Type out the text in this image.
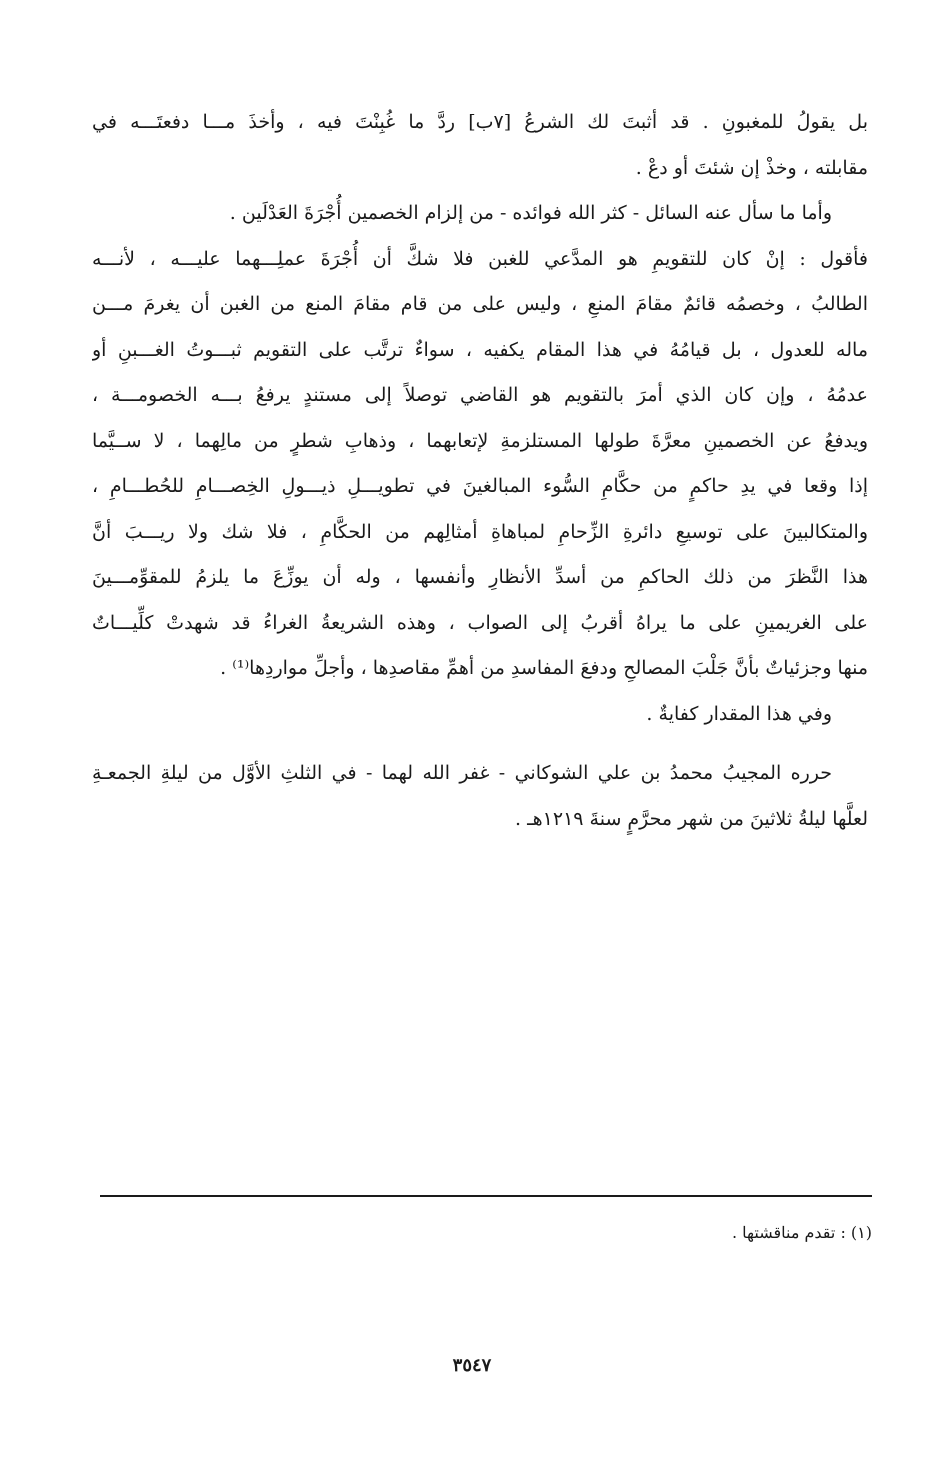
بل يقولُ للمغبونِ . قد أثبتَ لك الشرعُ [٧ب] ردَّ ما غُبِنْتَ فيه ، وأخذَ مـــا دفعتَـــه في
مقابلته ، وخذْ إن شئتَ أو دعْ .
وأما ما سأل عنه السائل - كثر الله فوائده - من إلزام الخصمين أُجْرَةَ العَدْلَين .
فأقول : إنْ كان للتقويمِ هو المدَّعي للغبن فلا شكَّ أن أُجْرَةَ عملِـــهما عليـــه ، لأنـــه
الطالبُ ، وخصمُه قائمٌ مقامَ المنعِ ، وليس على من قام مقامَ المنع من الغبن أن يغرمَ مـــن
ماله للعدول ، بل قيامُهُ في هذا المقام يكفيه ، سواءٌ ترتَّب على التقويم ثبـــوتُ الغـــبنِ أو
عدمُهُ ، وإن كان الذي أمرَ بالتقويم هو القاضي توصلاً إلى مستندٍ يرفعُ بـــه الخصومـــة ،
ويدفعُ عن الخصمينِ معرَّةَ طولها المستلزمةِ لإتعابهما ، وذهابِ شطرٍ من مالِهما ، لا ســيَّما
إذا وقعا في يدِ حاكمٍ من حكَّامِ السُّوء المبالغينَ في تطويـــلِ ذيـــولِ الخِصـــامِ للحُطـــامِ ،
والمتكالبينَ على توسيعِ دائرةِ الزِّحامِ لمباهاةِ أمثالِهم من الحكَّامِ ، فلا شك ولا ريـــبَ أنَّ
هذا النَّظرَ من ذلك الحاكمِ من أسدِّ الأنظارِ وأنفسها ، وله أن يوزِّعَ ما يلزمُ للمقوِّمـــينَ
على الغريمينِ على ما يراهُ أقربُ إلى الصواب ، وهذه الشريعةُ الغراءُ قد شهدتْ كلِّيـــاتٌ
منها وجزئياتٌ بأنَّ جَلْبَ المصالحِ ودفعَ المفاسدِ من أهمِّ مقاصدِها ، وأجلِّ مواردِها⁽¹⁾ .
وفي هذا المقدار كفايةٌ .
حرره المجيبُ محمدُ بن علي الشوكاني - غفر الله لهما - في الثلثِ الأوَّل من ليلةِ الجمعـةِ
لعلَّها ليلةُ ثلاثينَ من شهر محرَّمٍ سنةَ ١٢١٩هـ .
(١) : تقدم مناقشتها .
٣٥٤٧
